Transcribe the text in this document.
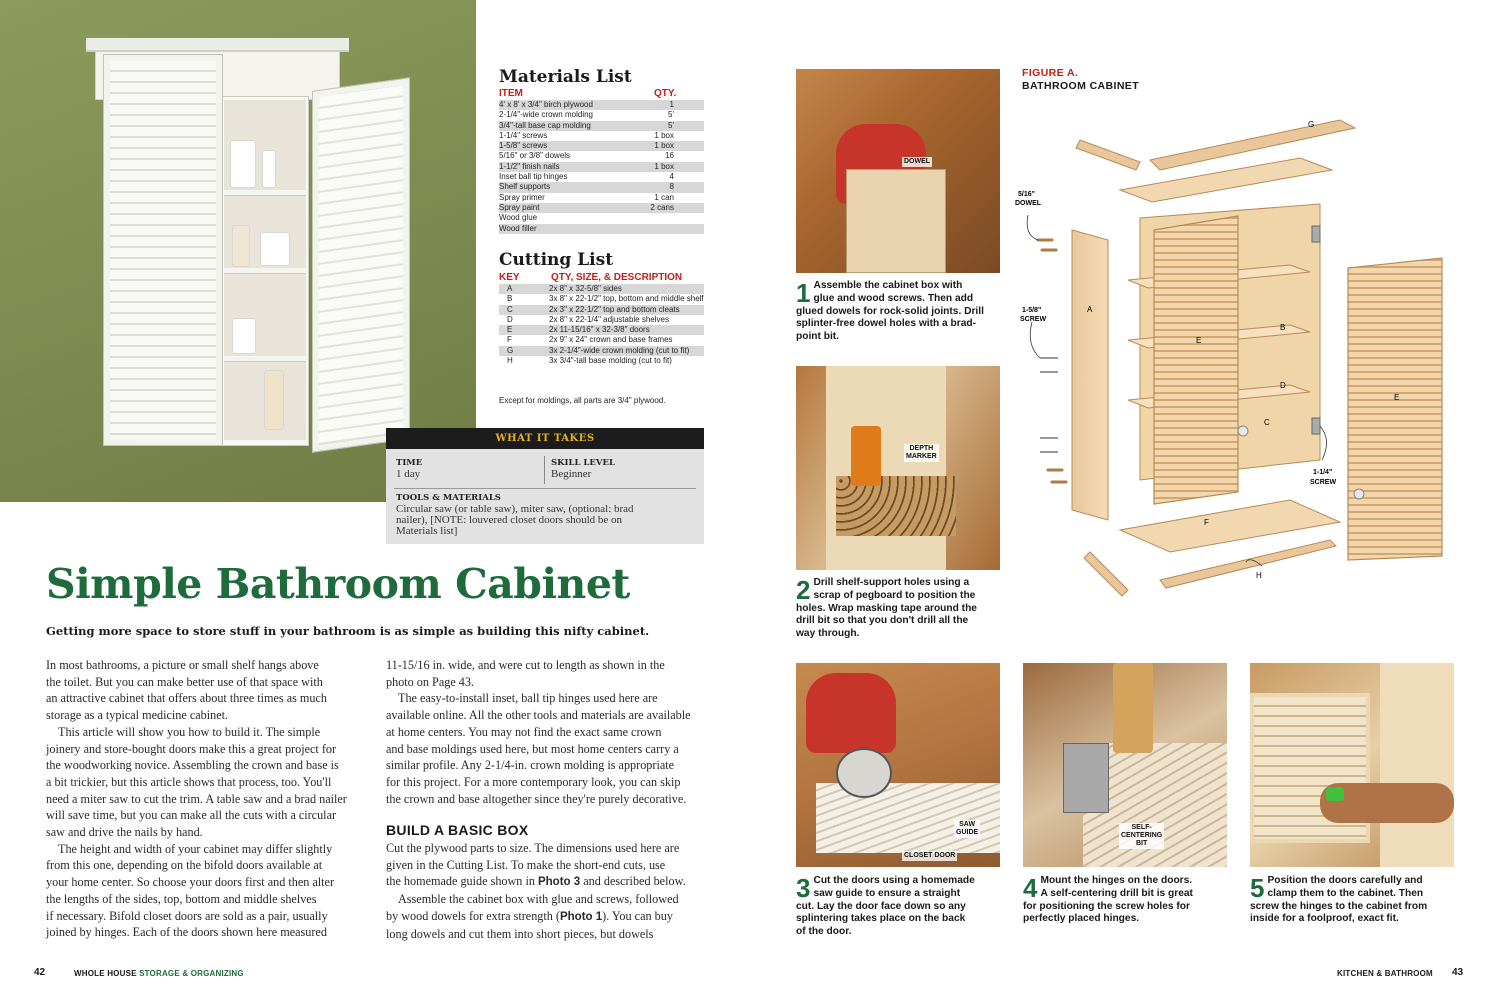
Materials List
ITEM	QTY.
4' x 8' x 3/4" birch plywood	1
2-1/4"-wide crown molding	5'
3/4"-tall base cap molding	5'
1-1/4" screws	1 box
1-5/8" screws	1 box
5/16" or 3/8" dowels	16
1-1/2" finish nails	1 box
Inset ball tip hinges	4
Shelf supports	8
Spray primer	1 can
Spray paint	2 cans
Wood glue
Wood filler
Cutting List
KEY	QTY, SIZE, & DESCRIPTION
A	2x 8" x 32-5/8" sides
B	3x 8" x 22-1/2" top, bottom and middle shelf
C	2x 3" x 22-1/2" top and bottom cleats
D	2x 8" x 22-1/4" adjustable shelves
E	2x 11-15/16" x 32-3/8" doors
F	2x 9" x 24" crown and base frames
G	3x 2-1/4"-wide crown molding (cut to fit)
H	3x 3/4"-tall base molding (cut to fit)
Except for moldings, all parts are 3/4" plywood.
WHAT IT TAKES
TIME
1 day
SKILL LEVEL
Beginner
TOOLS & MATERIALS
Circular saw (or table saw), miter saw, (optional: brad
nailer), [NOTE: louvered closet doors should be on
Materials list]
Simple Bathroom Cabinet
Getting more space to store stuff in your bathroom is as simple as building this nifty cabinet.

In most bathrooms, a picture or small shelf hangs above

the toilet. But you can make better use of that space with

an attractive cabinet that offers about three times as much

storage as a typical medicine cabinet.

This article will show you how to build it. The simple

joinery and store-bought doors make this a great project for

the woodworking novice. Assembling the crown and base is

a bit trickier, but this article shows that process, too. You'll

need a miter saw to cut the trim. A table saw and a brad nailer

will save time, but you can make all the cuts with a circular

saw and drive the nails by hand.

The height and width of your cabinet may differ slightly

from this one, depending on the bifold doors available at

your home center. So choose your doors first and then alter

the lengths of the sides, top, bottom and middle shelves

if necessary. Bifold closet doors are sold as a pair, usually

joined by hinges. Each of the doors shown here measured

11-15/16 in. wide, and were cut to length as shown in the

photo on Page 43.

The easy-to-install inset, ball tip hinges used here are

available online. All the other tools and materials are available

at home centers. You may not find the exact same crown

and base moldings used here, but most home centers carry a

similar profile. Any 2-1/4-in. crown molding is appropriate

for this project. For a more contemporary look, you can skip

the crown and base altogether since they're purely decorative.

BUILD A BASIC BOX

Cut the plywood parts to size. The dimensions used here are

given in the Cutting List. To make the short-end cuts, use

the homemade guide shown in Photo 3 and described below.

Assemble the cabinet box with glue and screws, followed

by wood dowels for extra strength (Photo 1). You can buy

long dowels and cut them into short pieces, but dowels

DOWEL
1 Assemble the cabinet box with
glue and wood screws. Then add
glued dowels for rock-solid joints. Drill
splinter-free dowel holes with a brad-
point bit.
DEPTH
MARKER
2 Drill shelf-support holes using a
scrap of pegboard to position the
holes. Wrap masking tape around the
drill bit so that you don't drill all the
way through.
SAW
GUIDE
CLOSET DOOR
3 Cut the doors using a homemade
saw guide to ensure a straight
cut. Lay the door face down so any
splintering takes place on the back
of the door.
SELF-
CENTERING
BIT
4 Mount the hinges on the doors.
A self-centering drill bit is great
for positioning the screw holes for
perfectly placed hinges.
5 Position the doors carefully and
clamp them to the cabinet. Then
screw the hinges to the cabinet from
inside for a foolproof, exact fit.
FIGURE A.
BATHROOM CABINET
A
B
C
D
E
E
F
G
H
5/16"
DOWEL
1-5/8"
SCREW
1-1/4"
SCREW
42	WHOLE HOUSE STORAGE & ORGANIZING	KITCHEN & BATHROOM 43
